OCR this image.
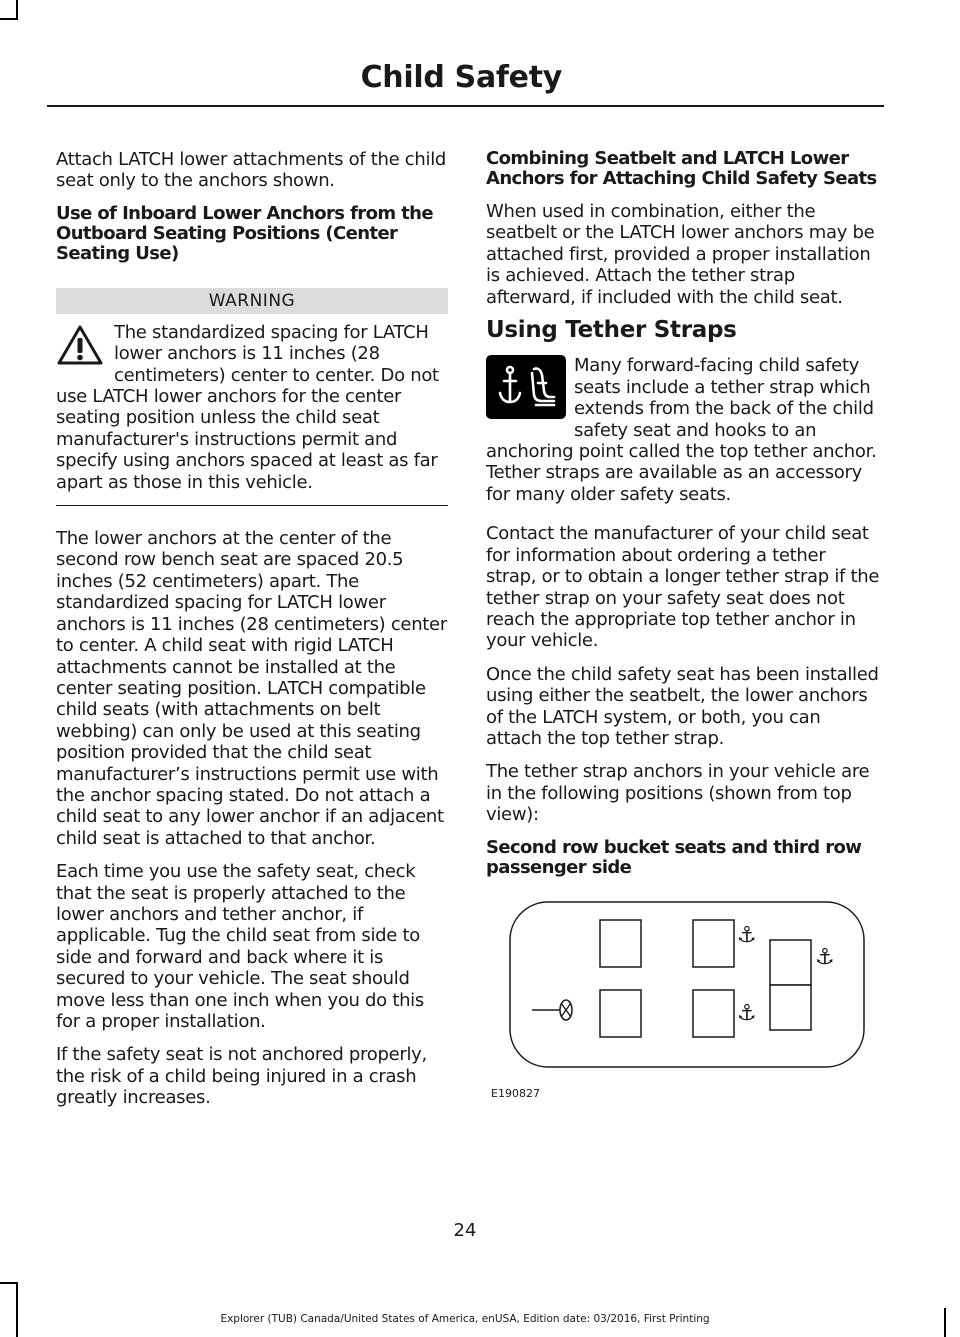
Child Safety

Attach LATCH lower attachments of the child seat only to the anchors shown.

Use of Inboard Lower Anchors from the Outboard Seating Positions (Center Seating Use)
WARNING
The standardized spacing for LATCH lower anchors is 11 inches (28 centimeters) center to center. Do not use LATCH lower anchors for the center seating position unless the child seat manufacturer's instructions permit and specify using anchors spaced at least as far apart as those in this vehicle.

The lower anchors at the center of the second row bench seat are spaced 20.5 inches (52 centimeters) apart. The standardized spacing for LATCH lower anchors is 11 inches (28 centimeters) center to center. A child seat with rigid LATCH attachments cannot be installed at the center seating position. LATCH compatible child seats (with attachments on belt webbing) can only be used at this seating position provided that the child seat manufacturer’s instructions permit use with the anchor spacing stated. Do not attach a child seat to any lower anchor if an adjacent child seat is attached to that anchor.

Each time you use the safety seat, check that the seat is properly attached to the lower anchors and tether anchor, if applicable. Tug the child seat from side to side and forward and back where it is secured to your vehicle. The seat should move less than one inch when you do this for a proper installation.

If the safety seat is not anchored properly, the risk of a child being injured in a crash greatly increases.

Combining Seatbelt and LATCH Lower Anchors for Attaching Child Safety Seats

When used in combination, either the seatbelt or the LATCH lower anchors may be attached first, provided a proper installation is achieved. Attach the tether strap afterward, if included with the child seat.

Using Tether Straps
Many forward-facing child safety seats include a tether strap which extends from the back of the child safety seat and hooks to an anchoring point called the top tether anchor. Tether straps are available as an accessory for many older safety seats.

Contact the manufacturer of your child seat for information about ordering a tether strap, or to obtain a longer tether strap if the tether strap on your safety seat does not reach the appropriate top tether anchor in your vehicle.

Once the child safety seat has been installed using either the seatbelt, the lower anchors of the LATCH system, or both, you can attach the top tether strap.

The tether strap anchors in your vehicle are in the following positions (shown from top view):

Second row bucket seats and third row passenger side
⚓
⚓
⚓
E190827
24
Explorer (TUB) Canada/United States of America, enUSA, Edition date: 03/2016, First Printing
